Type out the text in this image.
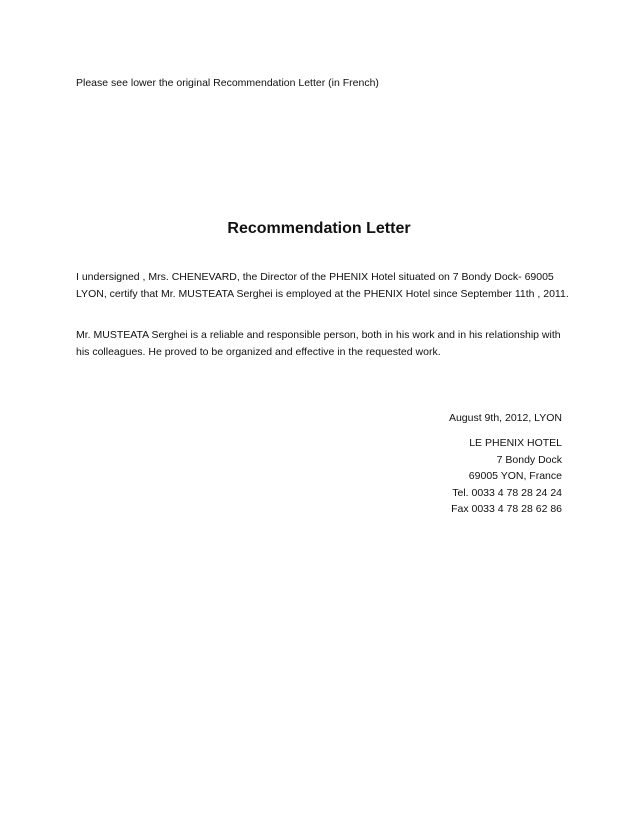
Please see lower the original Recommendation Letter (in French)
Recommendation Letter
I undersigned , Mrs. CHENEVARD, the Director of the PHENIX Hotel situated on 7 Bondy Dock- 69005
LYON, certify that Mr. MUSTEATA Serghei is employed at the PHENIX Hotel since September 11th , 2011.
Mr. MUSTEATA Serghei is a reliable and responsible person, both in his work and in his relationship with
his colleagues. He proved to be organized and effective in the requested work.
August 9th, 2012, LYON
LE PHENIX HOTEL
7 Bondy Dock
69005 YON, France
Tel. 0033 4 78 28 24 24
Fax 0033 4 78 28 62 86
